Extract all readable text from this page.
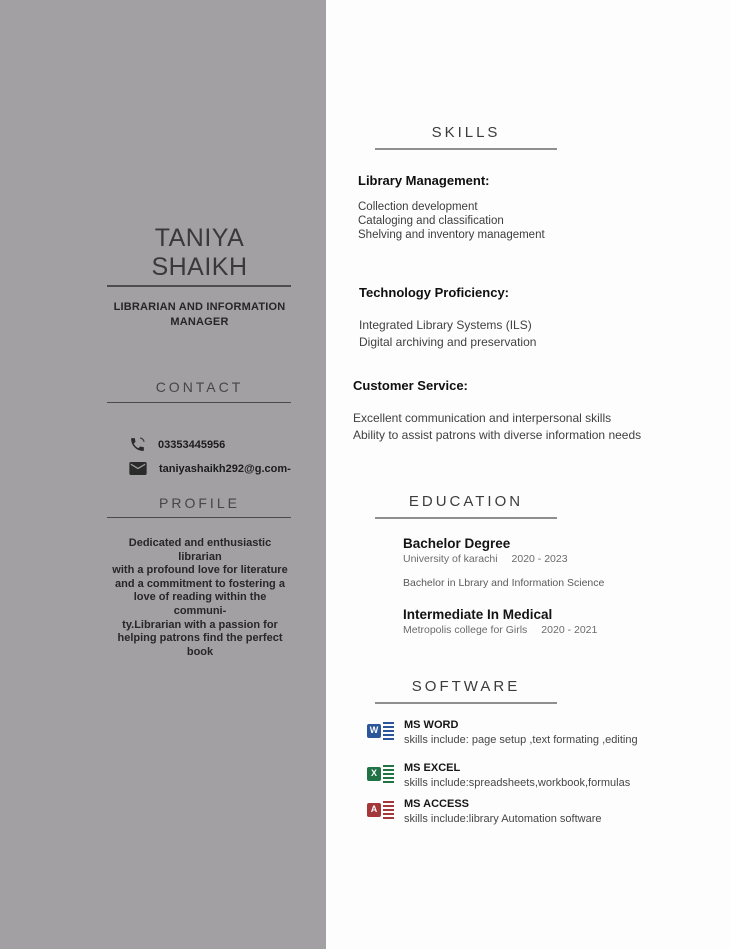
TANIYA
SHAIKH
LIBRARIAN AND INFORMATION
MANAGER
CONTACT
03353445956
taniyashaikh292@g.com-
PROFILE
Dedicated and enthusiastic librarian
with a profound love for literature
and a commitment to fostering a
love of reading within the communi-
ty.Librarian with a passion for
helping patrons find the perfect
book
SKILLS
Library Management:
Collection development
Cataloging and classification
Shelving and inventory management
Technology Proficiency:
Integrated Library Systems (ILS)
Digital archiving and preservation
Customer Service:
Excellent communication and interpersonal skills
Ability to assist patrons with diverse information needs
EDUCATION
Bachelor Degree
University of karachi 2020 - 2023
Bachelor in Lbrary and Information Science
Intermediate In Medical
Metropolis college for Girls 2020 - 2021
SOFTWARE
W MS WORD
skills include: page setup ,text formating ,editing
X MS EXCEL
skills include:spreadsheets,workbook,formulas
A MS ACCESS
skills include:library Automation software
